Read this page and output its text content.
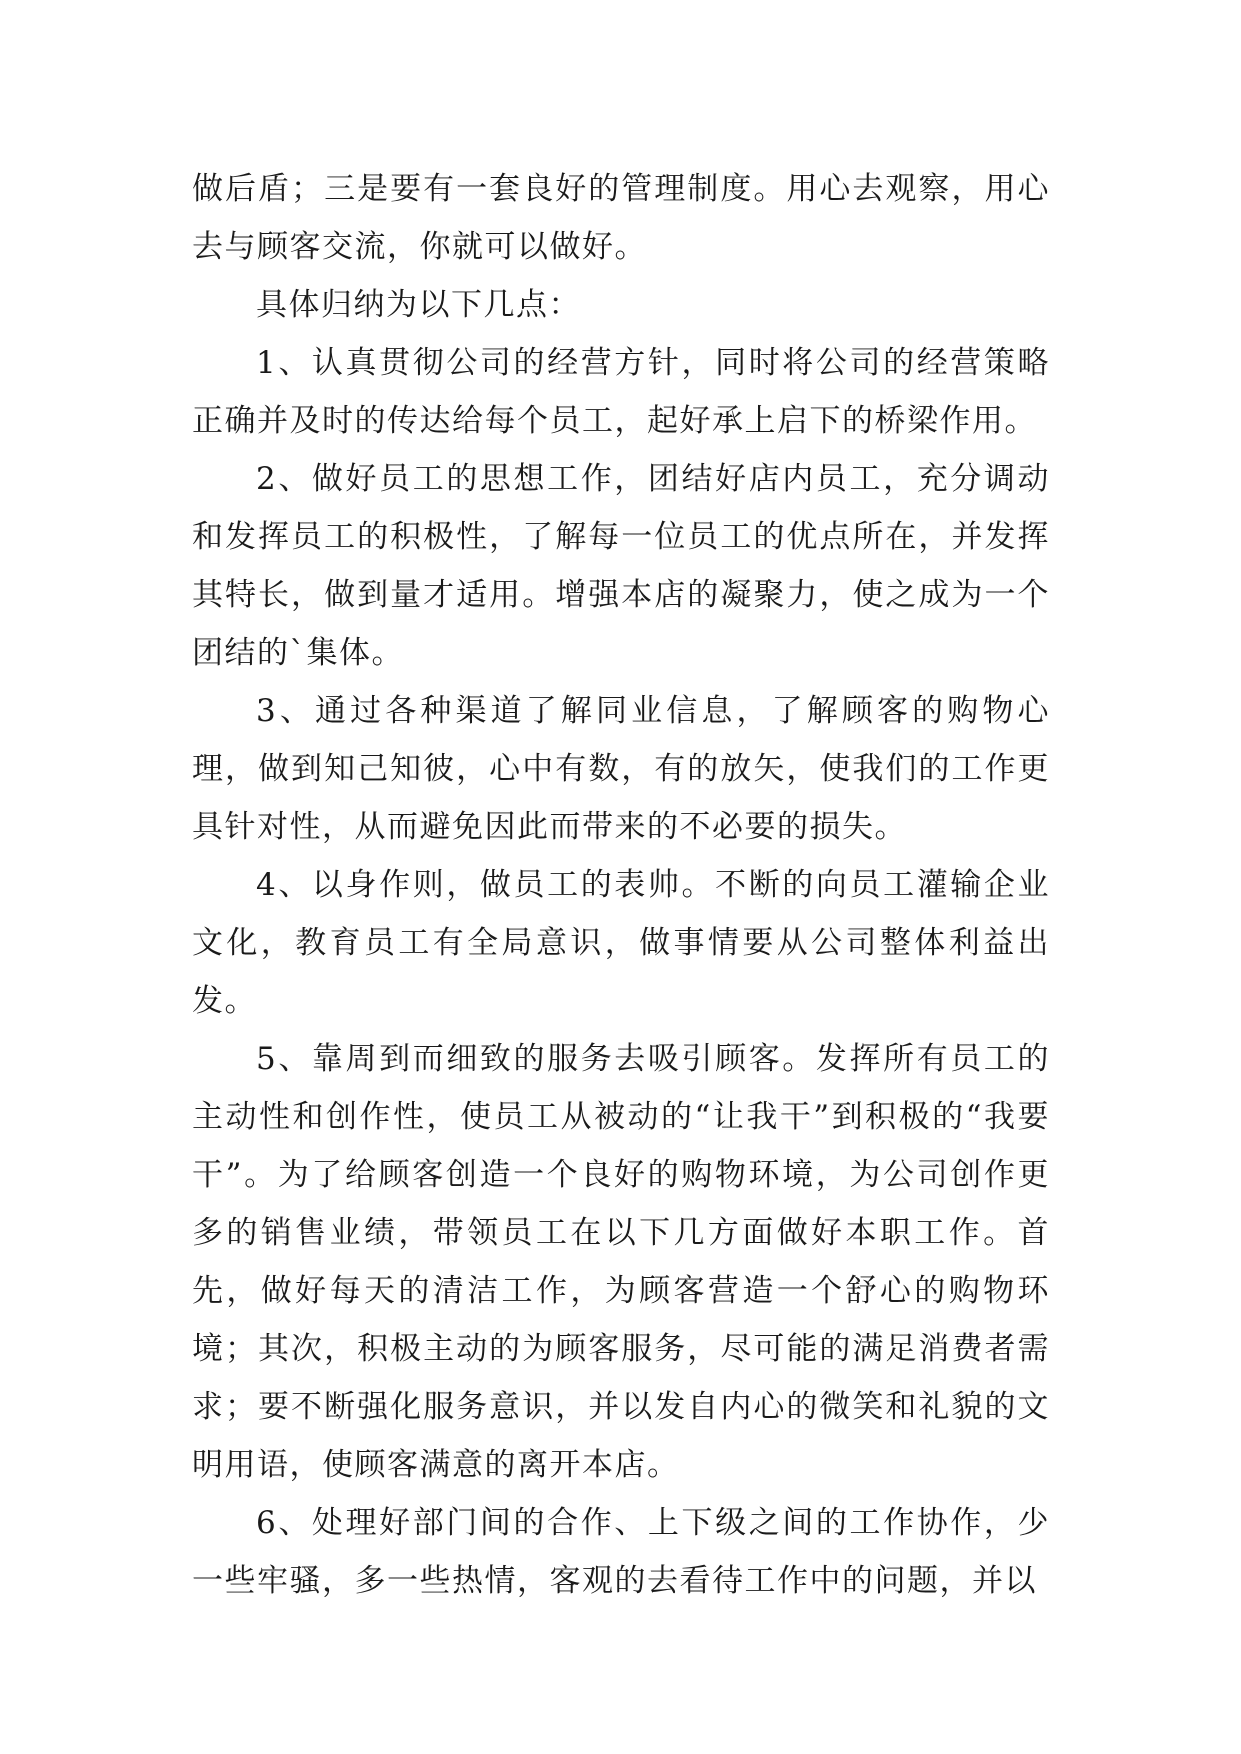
做后盾；三是要有一套良好的管理制度。用心去观察，用心去与顾客交流，你就可以做好。

具体归纳为以下几点：

1、认真贯彻公司的经营方针，同时将公司的经营策略正确并及时的传达给每个员工，起好承上启下的桥梁作用。

2、做好员工的思想工作，团结好店内员工，充分调动和发挥员工的积极性，了解每一位员工的优点所在，并发挥其特长，做到量才适用。增强本店的凝聚力，使之成为一个团结的`集体。

3、通过各种渠道了解同业信息，了解顾客的购物心理，做到知己知彼，心中有数，有的放矢，使我们的工作更具针对性，从而避免因此而带来的不必要的损失。

4、以身作则，做员工的表帅。不断的向员工灌输企业文化，教育员工有全局意识，做事情要从公司整体利益出发。

5、靠周到而细致的服务去吸引顾客。发挥所有员工的主动性和创作性，使员工从被动的“让我干”到积极的“我要干”。为了给顾客创造一个良好的购物环境，为公司创作更多的销售业绩，带领员工在以下几方面做好本职工作。首先，做好每天的清洁工作，为顾客营造一个舒心的购物环境；其次，积极主动的为顾客服务，尽可能的满足消费者需求；要不断强化服务意识，并以发自内心的微笑和礼貌的文明用语，使顾客满意的离开本店。

6、处理好部门间的合作、上下级之间的工作协作，少一些牢骚，多一些热情，客观的去看待工作中的问题，并以
